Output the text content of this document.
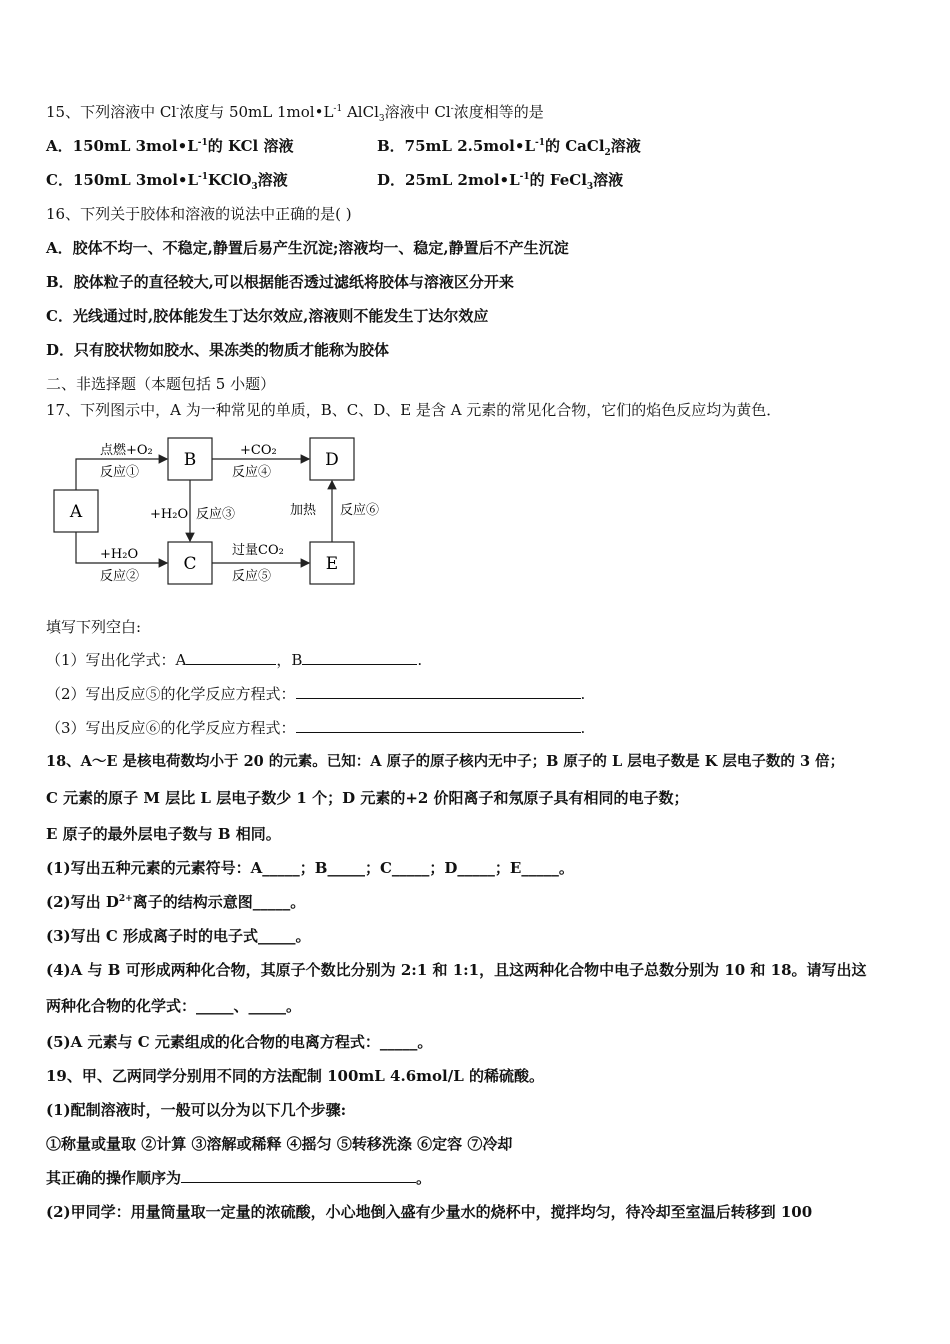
15、下列溶液中 Cl-浓度与 50mL $1mol•L^{-1}$ AlCl$_3$溶液中 Cl-浓度相等的是
A．150mL $3mol•L^{-1}$的 KCl 溶液	B．75mL $2.5mol•L^{-1}$的 CaCl$_2$溶液
C．150mL $3mol•L^{-1}KClO_3$溶液	D．25mL $2mol•L^{-1}$的 FeCl$_3$溶液
16、下列关于胶体和溶液的说法中正确的是( )
A．胶体不均一、不稳定,静置后易产生沉淀;溶液均一、稳定,静置后不产生沉淀
B．胶体粒子的直径较大,可以根据能否透过滤纸将胶体与溶液区分开来
C．光线通过时,胶体能发生丁达尔效应,溶液则不能发生丁达尔效应
D．只有胶状物如胶水、果冻类的物质才能称为胶体
二、非选择题（本题包括 5 小题）
17、下列图示中，A 为一种常见的单质，B、C、D、E 是含 A 元素的常见化合物，它们的焰色反应均为黄色．
A
B
C
D
E
点燃+O₂
反应①
+H₂O
反应②
+H₂O 反应③
+CO₂
反应④
过量CO₂
反应⑤
加热 反应⑥
填写下列空白:
（1）写出化学式：A	，B	.
（2）写出反应⑤的化学反应方程式：	.
（3）写出反应⑥的化学反应方程式：	.
18、A～E 是核电荷数均小于 20 的元素。已知：A 原子的原子核内无中子；B 原子的 L 层电子数是 K 层电子数的 3 倍；
C 元素的原子 M 层比 L 层电子数少 1 个；D 元素的+2 价阳离子和氖原子具有相同的电子数；
E 原子的最外层电子数与 B 相同。
(1)写出五种元素的元素符号：A_____；B_____；C_____；D_____；E_____。
(2)写出 $D^{2+}$离子的结构示意图_____。
(3)写出 C 形成离子时的电子式_____。
(4)A 与 B 可形成两种化合物，其原子个数比分别为 2:1 和 1:1，且这两种化合物中电子总数分别为 10 和 18。请写出这
两种化合物的化学式：_____、_____。
(5)A 元素与 C 元素组成的化合物的电离方程式：_____。
19、甲、乙两同学分别用不同的方法配制 100mL 4.6mol/L 的稀硫酸。
(1)配制溶液时，一般可以分为以下几个步骤:
①称量或量取 ②计算 ③溶解或稀释 ④摇匀 ⑤转移洗涤 ⑥定容 ⑦冷却
其正确的操作顺序为	。
(2)甲同学：用量筒量取一定量的浓硫酸，小心地倒入盛有少量水的烧杯中，搅拌均匀，待冷却至室温后转移到 100
